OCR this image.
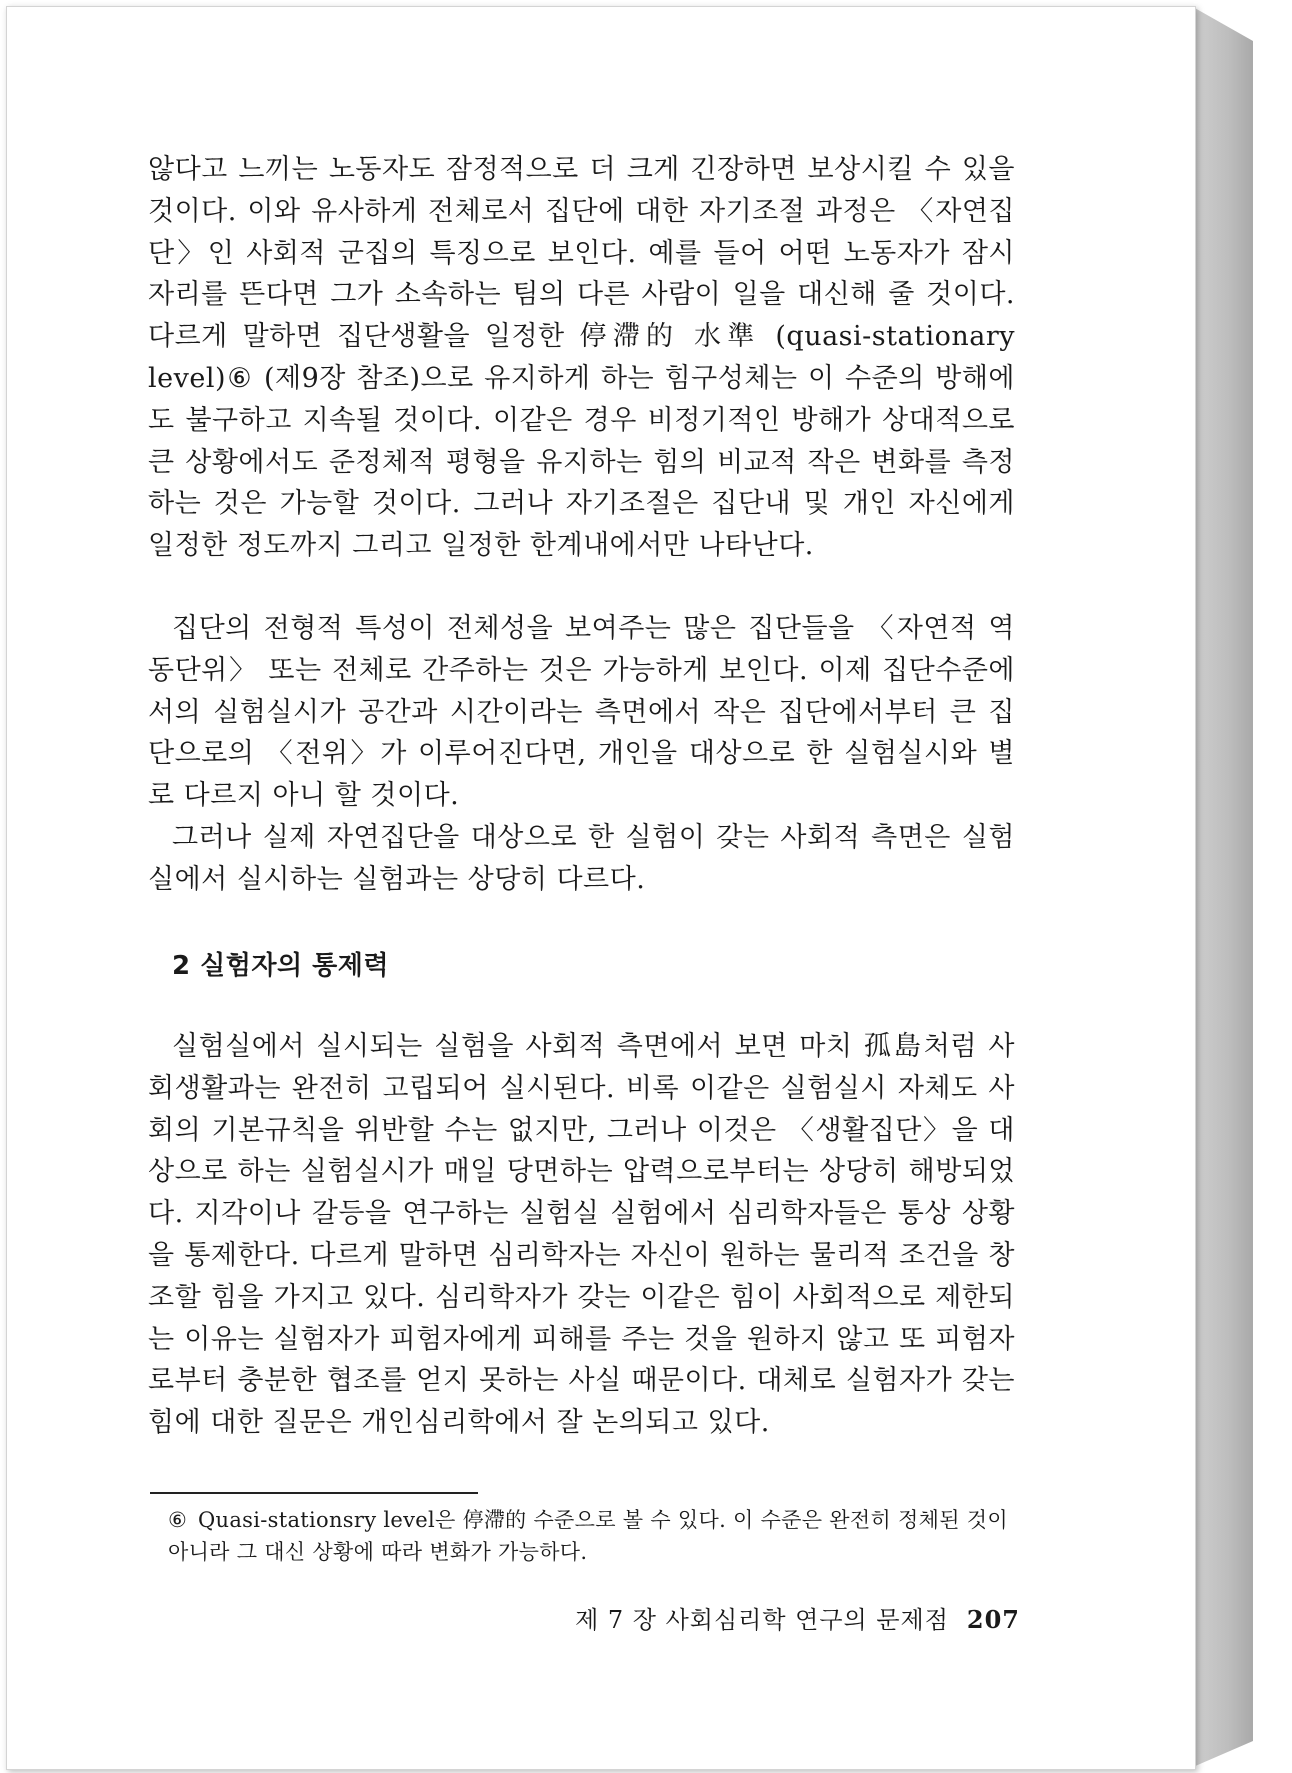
않다고 느끼는 노동자도 잠정적으로 더 크게 긴장하면 보상시킬 수 있을 것이다. 이와 유사하게 전체로서 집단에 대한 자기조절 과정은 〈자연집단〉인 사회적 군집의 특징으로 보인다. 예를 들어 어떤 노동자가 잠시 자리를 뜬다면 그가 소속하는 팀의 다른 사람이 일을 대신해 줄 것이다. 다르게 말하면 집단생활을 일정한 停滯的 水準 (quasi-stationary level)⑥ (제9장 참조)으로 유지하게 하는 힘구성체는 이 수준의 방해에도 불구하고 지속될 것이다. 이같은 경우 비정기적인 방해가 상대적으로 큰 상황에서도 준정체적 평형을 유지하는 힘의 비교적 작은 변화를 측정하는 것은 가능할 것이다. 그러나 자기조절은 집단내 및 개인 자신에게 일정한 정도까지 그리고 일정한 한계내에서만 나타난다.

집단의 전형적 특성이 전체성을 보여주는 많은 집단들을 〈자연적 역동단위〉 또는 전체로 간주하는 것은 가능하게 보인다. 이제 집단수준에서의 실험실시가 공간과 시간이라는 측면에서 작은 집단에서부터 큰 집단으로의 〈전위〉가 이루어진다면, 개인을 대상으로 한 실험실시와 별로 다르지 아니 할 것이다.

그러나 실제 자연집단을 대상으로 한 실험이 갖는 사회적 측면은 실험실에서 실시하는 실험과는 상당히 다르다.

2 실험자의 통제력

실험실에서 실시되는 실험을 사회적 측면에서 보면 마치 孤島처럼 사회생활과는 완전히 고립되어 실시된다. 비록 이같은 실험실시 자체도 사회의 기본규칙을 위반할 수는 없지만, 그러나 이것은 〈생활집단〉을 대상으로 하는 실험실시가 매일 당면하는 압력으로부터는 상당히 해방되었다. 지각이나 갈등을 연구하는 실험실 실험에서 심리학자들은 통상 상황을 통제한다. 다르게 말하면 심리학자는 자신이 원하는 물리적 조건을 창조할 힘을 가지고 있다. 심리학자가 갖는 이같은 힘이 사회적으로 제한되는 이유는 실험자가 피험자에게 피해를 주는 것을 원하지 않고 또 피험자로부터 충분한 협조를 얻지 못하는 사실 때문이다. 대체로 실험자가 갖는 힘에 대한 질문은 개인심리학에서 잘 논의되고 있다.

⑥ Quasi-stationsry level은 停滯的 수준으로 볼 수 있다. 이 수준은 완전히 정체된 것이 아니라 그 대신 상황에 따라 변화가 가능하다.
제 7 장 사회심리학 연구의 문제점 207
